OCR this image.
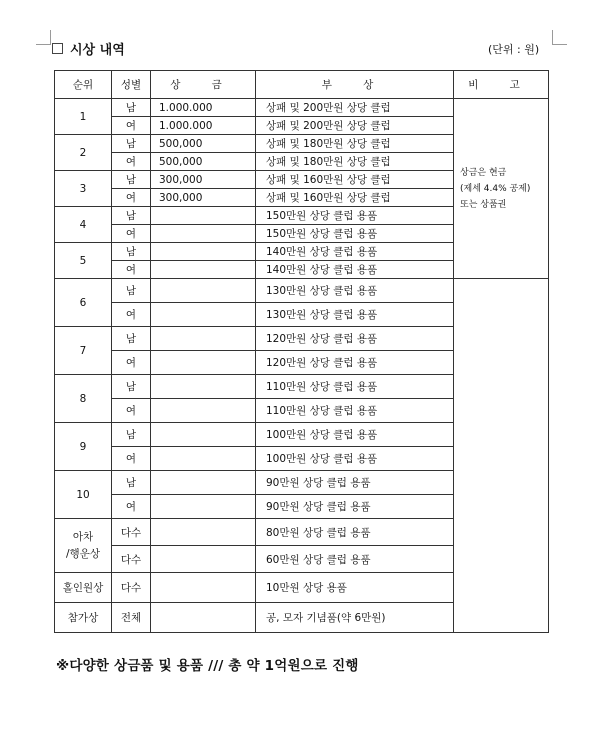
시상 내역	(단위 : 원)
순위	성별	상 금	부 상	비 고
1	남	1.000.000	상패 및 200만원 상당 클럽	상금은 현금
(제세 4.4% 공제)
또는 상품권

	여	1.000.000	상패 및 200만원 상당 클럽	
2	남	500,000	상패 및 180만원 상당 클럽	
	여	500,000	상패 및 180만원 상당 클럽	
3	남	300,000	상패 및 160만원 상당 클럽	
	여	300,000	상패 및 160만원 상당 클럽	
4	남		150만원 상당 클럽 용품	
	여		150만원 상당 클럽 용품	
5	남		140만원 상당 클럽 용품	
	여		140만원 상당 클럽 용품	
6	남		130만원 상당 클럽 용품	
	여		130만원 상당 클럽 용품	
7	남		120만원 상당 클럽 용품	
	여		120만원 상당 클럽 용품	
8	남		110만원 상당 클럽 용품	
	여		110만원 상당 클럽 용품	
9	남		100만원 상당 클럽 용품	
	여		100만원 상당 클럽 용품	
10	남		90만원 상당 클럽 용품	
	여		90만원 상당 클럽 용품	

아차
/행운상	다수		80만원 상당 클럽 용품	
	다수		60만원 상당 클럽 용품	
홀인원상	다수		10만원 상당 용품	
참가상	전체		공, 모자 기념품(약 6만원)	
※다양한 상금품 및 용품 /// 총 약 1억원으로 진행
